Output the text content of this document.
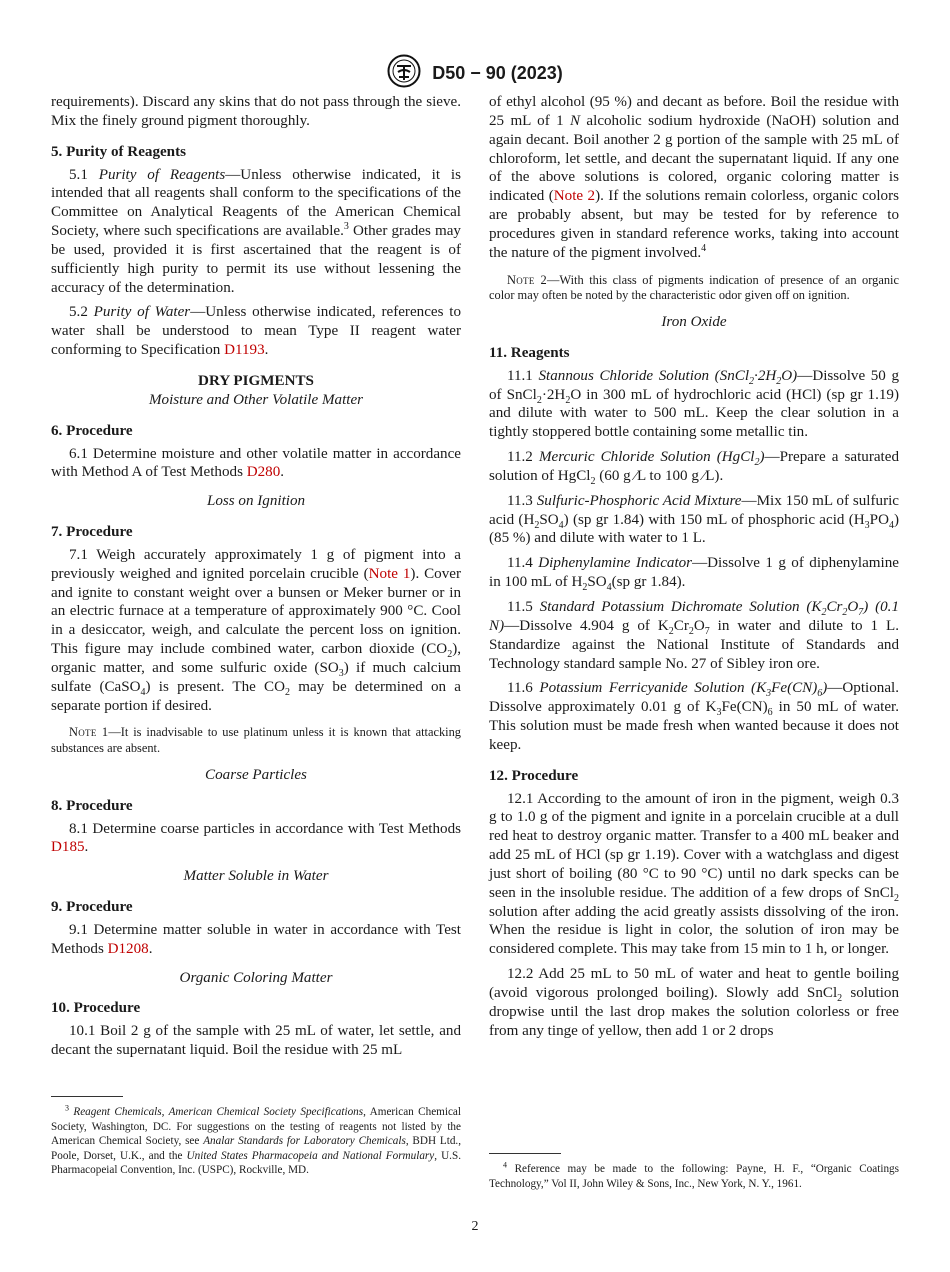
D50 − 90 (2023)

requirements). Discard any skins that do not pass through the sieve. Mix the finely ground pigment thoroughly.

5. Purity of Reagents

5.1 Purity of Reagents—Unless otherwise indicated, it is intended that all reagents shall conform to the specifications of the Committee on Analytical Reagents of the American Chemical Society, where such specifications are available.$^3$ Other grades may be used, provided it is first ascertained that the reagent is of sufficiently high purity to permit its use without lessening the accuracy of the determination.

5.2 Purity of Water—Unless otherwise indicated, references to water shall be understood to mean Type II reagent water conforming to Specification D1193.

DRY PIGMENTS
Moisture and Other Volatile Matter
6. Procedure

6.1 Determine moisture and other volatile matter in accordance with Method A of Test Methods D280.

Loss on Ignition
7. Procedure

7.1 Weigh accurately approximately 1 g of pigment into a previously weighed and ignited porcelain crucible (Note 1). Cover and ignite to constant weight over a bunsen or Meker burner or in an electric furnace at a temperature of approximately 900 °C. Cool in a desiccator, weigh, and calculate the percent loss on ignition. This figure may include combined water, carbon dioxide $(CO_2)$, organic matter, and some sulfuric oxide $(SO_3)$ if much calcium sulfate (CaSO$_4$) is present. The $CO_2$ may be determined on a separate portion if desired.

Note 1—It is inadvisable to use platinum unless it is known that attacking substances are absent.

Coarse Particles
8. Procedure

8.1 Determine coarse particles in accordance with Test Methods D185.

Matter Soluble in Water
9. Procedure

9.1 Determine matter soluble in water in accordance with Test Methods D1208.

Organic Coloring Matter
10. Procedure

10.1 Boil 2 g of the sample with 25 mL of water, let settle, and decant the supernatant liquid. Boil the residue with 25 mL

$^3$ Reagent Chemicals, American Chemical Society Specifications, American Chemical Society, Washington, DC. For suggestions on the testing of reagents not listed by the American Chemical Society, see Analar Standards for Laboratory Chemicals, BDH Ltd., Poole, Dorset, U.K., and the United States Pharmacopeia and National Formulary, U.S. Pharmacopeial Convention, Inc. (USPC), Rockville, MD.

of ethyl alcohol (95 %) and decant as before. Boil the residue with 25 mL of 1 N alcoholic sodium hydroxide (NaOH) solution and again decant. Boil another 2 g portion of the sample with 25 mL of chloroform, let settle, and decant the supernatant liquid. If any one of the above solutions is colored, organic coloring matter is indicated (Note 2). If the solutions remain colorless, organic colors are probably absent, but may be tested for by reference to procedures given in standard reference works, taking into account the nature of the pigment involved.$^4$

Note 2—With this class of pigments indication of presence of an organic color may often be noted by the characteristic odor given off on ignition.

Iron Oxide
11. Reagents

11.1 Stannous Chloride Solution $(SnCl_2\cdot 2H_2O)—Dissolve$ 50 g of $SnCl_2\cdot 2H_2O$ in 300 mL of hydrochloric acid (HCl) (sp gr 1.19) and dilute with water to 500 mL. Keep the clear solution in a tightly stoppered bottle containing some metallic tin.

11.2 Mercuric Chloride Solution (HgCl$_2$)—Prepare a saturated solution of HgCl$_2$ (60 g ⁄L to 100 g ⁄L).

11.3 Sulfuric-Phosphoric Acid Mixture—Mix 150 mL of sulfuric acid $(H_2SO_4)$ (sp gr 1.84) with 150 mL of phosphoric acid $(H_3PO_4)$ (85 %) and dilute with water to 1 L.

11.4 Diphenylamine Indicator—Dissolve 1 g of diphenylamine in 100 mL of $H_2SO_4(sp$ gr 1.84).

11.5 Standard Potassium Dichromate Solution $(K_2Cr_2O_7)$ (0.1 N)—Dissolve 4.904 g of $K_2Cr_2O_7$ in water and dilute to 1 L. Standardize against the National Institute of Standards and Technology standard sample No. 27 of Sibley iron ore.

11.6 Potassium Ferricyanide Solution $(K_3Fe(CN)_6)—Optional$. Dissolve approximately 0.01 g of $K_3Fe(CN)_6$ in 50 mL of water. This solution must be made fresh when wanted because it does not keep.

12. Procedure

12.1 According to the amount of iron in the pigment, weigh 0.3 g to 1.0 g of the pigment and ignite in a porcelain crucible at a dull red heat to destroy organic matter. Transfer to a 400 mL beaker and add 25 mL of HCl (sp gr 1.19). Cover with a watchglass and digest just short of boiling (80 °C to 90 °C) until no dark specks can be seen in the insoluble residue. The addition of a few drops of SnCl$_2$ solution after adding the acid greatly assists dissolving of the iron. When the residue is light in color, the solution of iron may be considered complete. This may take from 15 min to 1 h, or longer.

12.2 Add 25 mL to 50 mL of water and heat to gentle boiling (avoid vigorous prolonged boiling). Slowly add SnCl$_2$ solution dropwise until the last drop makes the solution colorless or free from any tinge of yellow, then add 1 or 2 drops

$^4$ Reference may be made to the following: Payne, H. F., “Organic Coatings Technology,” Vol II, John Wiley & Sons, Inc., New York, N. Y., 1961.
2
